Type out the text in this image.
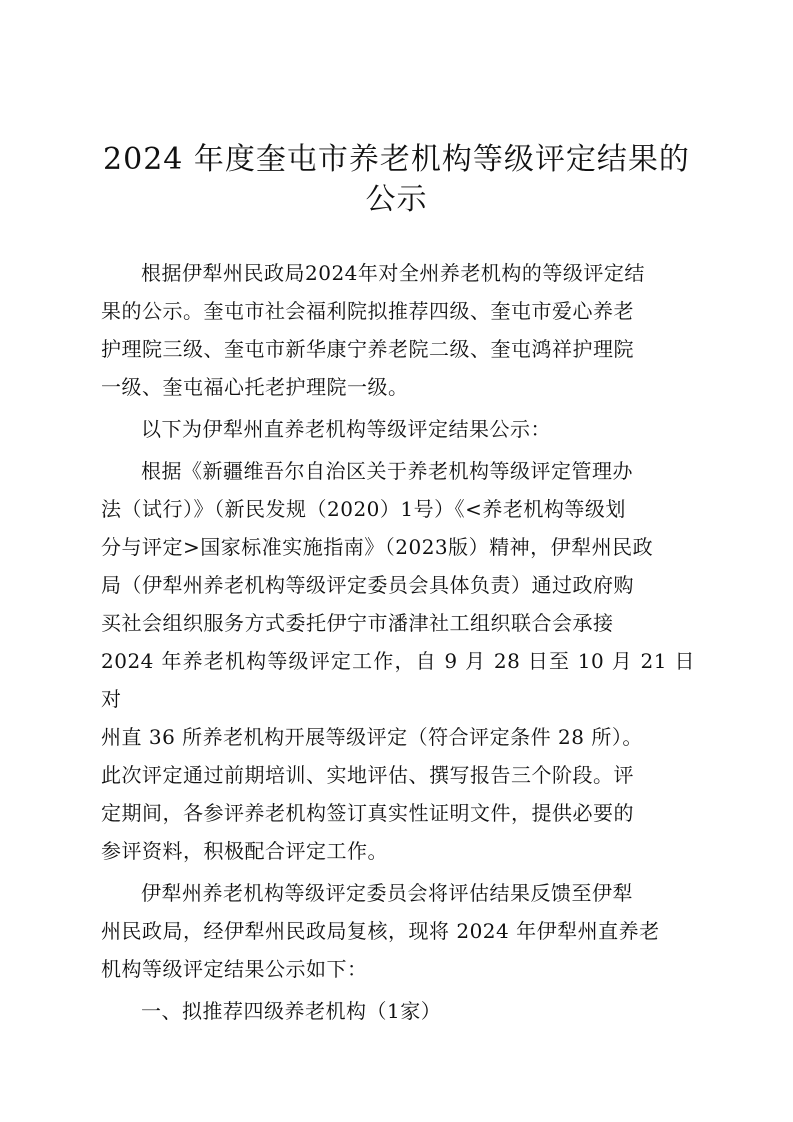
2024 年度奎屯市养老机构等级评定结果的
公示
根据伊犁州民政局2024年对全州养老机构的等级评定结
果的公示。奎屯市社会福利院拟推荐四级、奎屯市爱心养老
护理院三级、奎屯市新华康宁养老院二级、奎屯鸿祥护理院
一级、奎屯福心托老护理院一级。
以下为伊犁州直养老机构等级评定结果公示：
根据《新疆维吾尔自治区关于养老机构等级评定管理办
法（试行）》（新民发规（2020）1号）《<养老机构等级划
分与评定>国家标准实施指南》（2023版）精神，伊犁州民政
局（伊犁州养老机构等级评定委员会具体负责）通过政府购
买社会组织服务方式委托伊宁市潘津社工组织联合会承接
2024 年养老机构等级评定工作，自 9 月 28 日至 10 月 21 日对
州直 36 所养老机构开展等级评定（符合评定条件 28 所）。
此次评定通过前期培训、实地评估、撰写报告三个阶段。评
定期间，各参评养老机构签订真实性证明文件，提供必要的
参评资料，积极配合评定工作。
伊犁州养老机构等级评定委员会将评估结果反馈至伊犁
州民政局，经伊犁州民政局复核，现将 2024 年伊犁州直养老
机构等级评定结果公示如下：
一、拟推荐四级养老机构（1家）
